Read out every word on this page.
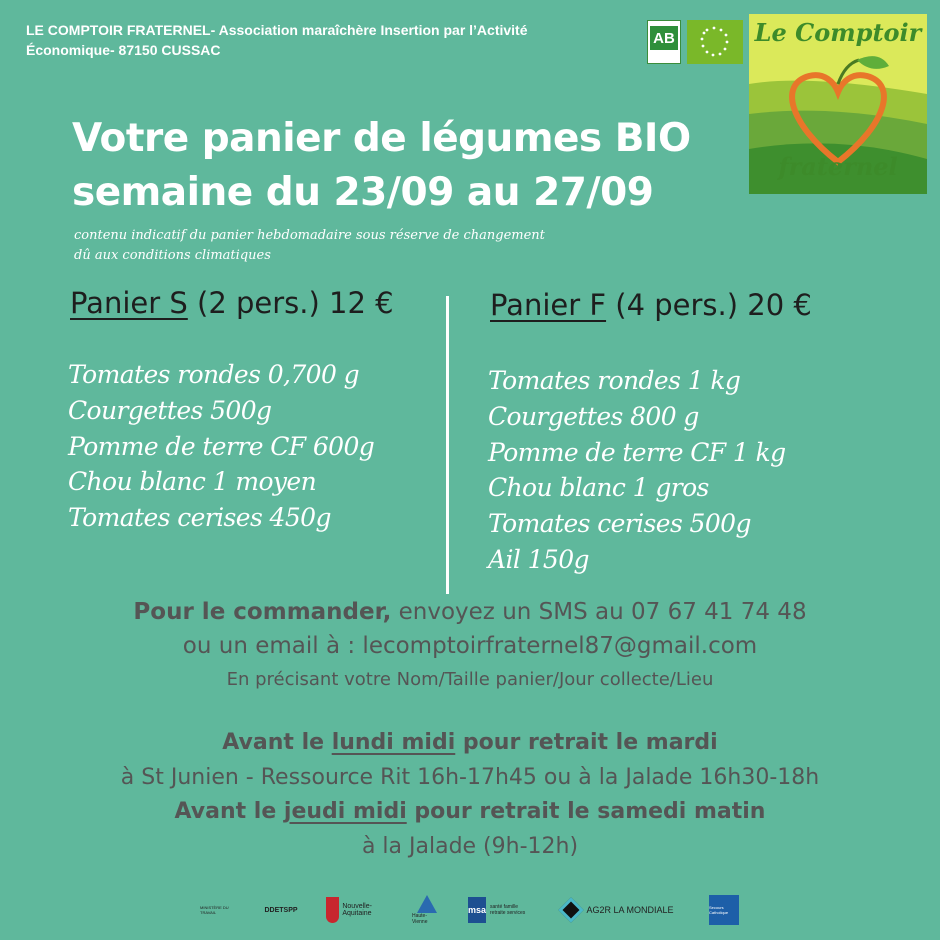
LE COMPTOIR FRATERNEL- Association maraîchère Insertion par l’Activité
Économique- 87150 CUSSAC
AB
	Le Comptoir
fraternel
Votre panier de légumes BIO
semaine du 23/09 au 27/09
contenu indicatif du panier hebdomadaire sous réserve de changement
dû aux conditions climatiques
Panier S (2 pers.) 12 €
Tomates rondes 0,700 g
Courgettes 500g
Pomme de terre CF 600g
Chou blanc 1 moyen
Tomates cerises 450g
Panier F (4 pers.) 20 €
Tomates rondes 1 kg
Courgettes 800 g
Pomme de terre CF 1 kg
Chou blanc 1 gros
Tomates cerises 500g
Ail 150g
Pour le commander, envoyez un SMS au 07 67 41 74 48
ou un email à : lecomptoirfraternel87@gmail.com
En précisant votre Nom/Taille panier/Jour collecte/Lieu
Avant le lundi midi pour retrait le mardi
à St Junien - Ressource Rit 16h-17h45 ou à la Jalade 16h30-18h
Avant le jeudi midi pour retrait le samedi matin
à la Jalade (9h-12h)
MINISTÈRE DU TRAVAIL	DDETSPP	Nouvelle-Aquitaine	Haute-Vienne
msa santé famille retraite services	AG2R LA MONDIALE	Secours Catholique
